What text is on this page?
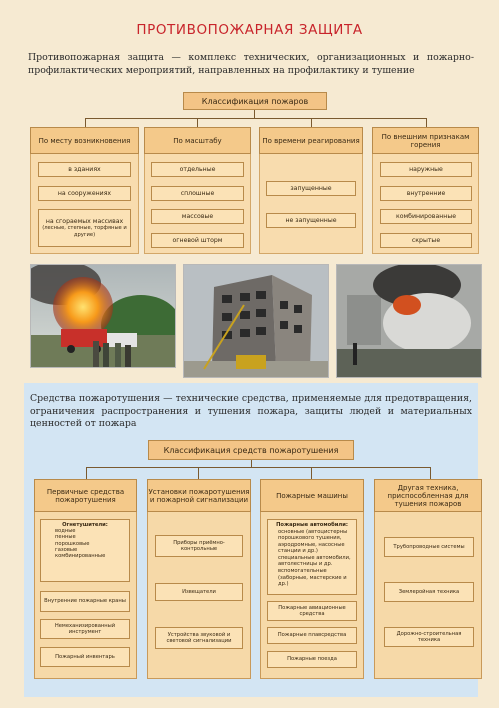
ПРОТИВОПОЖАРНАЯ ЗАЩИТА
Противопожарная защита — комплекс технических, организационных и пожарно-профилактических мероприятий, направленных на профилактику и тушение
Классификация пожаров
По месту возникновения	По масштабу	По времени реагирования	По внешним признакам горения
в зданиях
на сооружениях
на сгораемых массивах
(лесные, степные, торфяные и другие)
отдельные
сплошные
массовые
огневой шторм
запущенные
не запущенные
наружные
внутренние
комбинированные
скрытые
Средства пожаротушения — технические средства, применяемые для предотвращения, ограничения распространения и тушения пожара, защиты людей и материальных ценностей от пожара
Классификация средств пожаротушения
Первичные средства пожаротушения
Установки пожаротушения и пожарной сигнализации	Пожарные машины
Другая техника, приспособленная для тушения пожаров
Огнетушители:
водные
пенные
порошковые
газовые
комбинированные
Внутренние пожарные краны
Немеханизированный инструмент
Пожарный инвентарь
Приборы приёмно-контрольные
Извещатели
Устройства звуковой и световой сигнализации
Пожарные автомобили:
основные (автоцистерны порошкового тушения, аэродромные, насосные станции и др.)
специальные автомобили, автолестницы и др.
вспомогательные (заборные, мастерские и др.)
Пожарные авиационные средства
Пожарные плавсредства
Пожарные поезда
Трубопроводные системы
Землеройная техника
Дорожно-строительная техника
